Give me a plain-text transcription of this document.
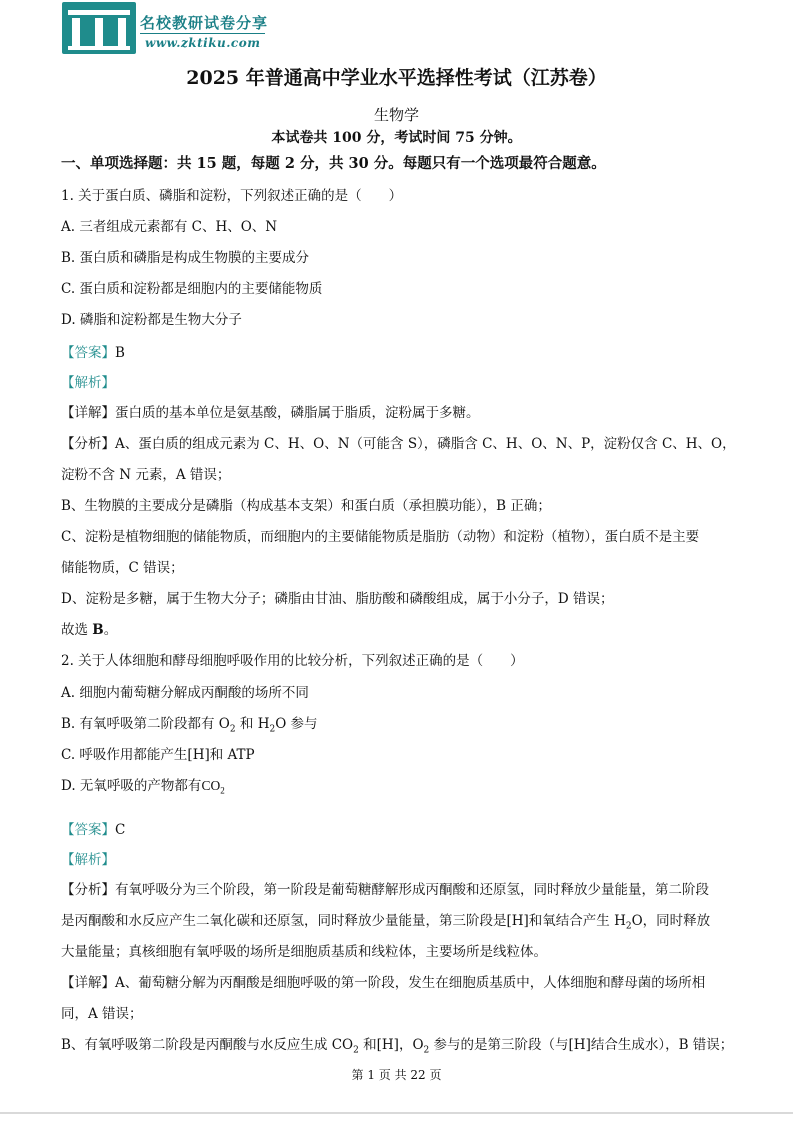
名校教研试卷分享
www.zktiku.com
2025 年普通高中学业水平选择性考试（江苏卷）
生物学
本试卷共 100 分，考试时间 75 分钟。
一、单项选择题：共 15 题，每题 2 分，共 30 分。每题只有一个选项最符合题意。
1. 关于蛋白质、磷脂和淀粉，下列叙述正确的是（　　）
A. 三者组成元素都有 C、H、O、N
B. 蛋白质和磷脂是构成生物膜的主要成分
C. 蛋白质和淀粉都是细胞内的主要储能物质
D. 磷脂和淀粉都是生物大分子
【答案】B
【解析】
【详解】蛋白质的基本单位是氨基酸，磷脂属于脂质，淀粉属于多糖。
【分析】A、蛋白质的组成元素为 C、H、O、N（可能含 S），磷脂含 C、H、O、N、P，淀粉仅含 C、H、O，
淀粉不含 N 元素，A 错误；
B、生物膜的主要成分是磷脂（构成基本支架）和蛋白质（承担膜功能），B 正确；
C、淀粉是植物细胞的储能物质，而细胞内的主要储能物质是脂肪（动物）和淀粉（植物），蛋白质不是主要
储能物质，C 错误；
D、淀粉是多糖，属于生物大分子；磷脂由甘油、脂肪酸和磷酸组成，属于小分子，D 错误；
故选 B。
2. 关于人体细胞和酵母细胞呼吸作用的比较分析，下列叙述正确的是（　　）
A. 细胞内葡萄糖分解成丙酮酸的场所不同
B. 有氧呼吸第二阶段都有 $O_2$ 和 $H_2O$ 参与
C. 呼吸作用都能产生[H]和 ATP
D. 无氧呼吸的产物都有$CO_2$
【答案】C
【解析】
【分析】有氧呼吸分为三个阶段，第一阶段是葡萄糖酵解形成丙酮酸和还原氢，同时释放少量能量，第二阶段
是丙酮酸和水反应产生二氧化碳和还原氢，同时释放少量能量，第三阶段是[H]和氧结合产生 $H_2O$，同时释放
大量能量；真核细胞有氧呼吸的场所是细胞质基质和线粒体，主要场所是线粒体。
【详解】A、葡萄糖分解为丙酮酸是细胞呼吸的第一阶段，发生在细胞质基质中，人体细胞和酵母菌的场所相
同，A 错误；
B、有氧呼吸第二阶段是丙酮酸与水反应生成 $CO_2$ 和[H]，$O_2$ 参与的是第三阶段（与[H]结合生成水），B 错误；
第 1 页 共 22 页
